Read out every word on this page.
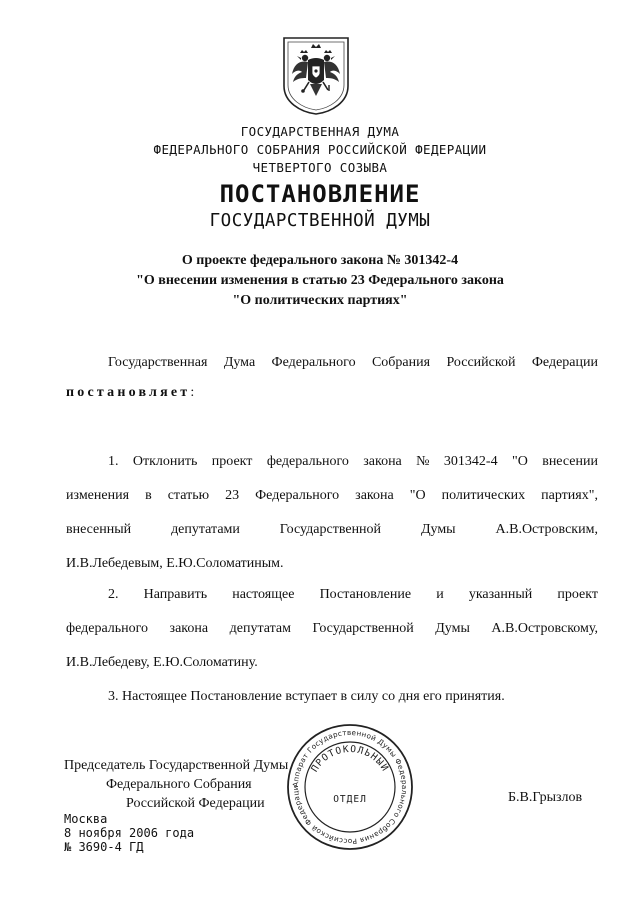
ГОСУДАРСТВЕННАЯ ДУМА
ФЕДЕРАЛЬНОГО СОБРАНИЯ РОССИЙСКОЙ ФЕДЕРАЦИИ
ЧЕТВЕРТОГО СОЗЫВА
ПОСТАНОВЛЕНИЕ
ГОСУДАРСТВЕННОЙ ДУМЫ
О проекте федерального закона № 301342-4
"О внесении изменения в статью 23 Федерального закона
"О политических партиях"
Государственная Дума Федерального Собрания Российской Федерации
постановляет:
1. Отклонить проект федерального закона № 301342-4 "О внесении
изменения в статью 23 Федерального закона "О политических партиях",
внесенный	депутатами	Государственной	Думы	А.В.Островским,
И.В.Лебедевым, Е.Ю.Соломатиным.
2. Направить настоящее Постановление и указанный проект
федерального закона депутатам Государственной Думы А.В.Островскому,
И.В.Лебедеву, Е.Ю.Соломатину.
3. Настоящее Постановление вступает в силу со дня его принятия.
Председатель Государственной Думы
Федерального Собрания
Российской Федерации	Б.В.Грызлов
Москва
8 ноября 2006 года
№ 3690-4 ГД
Аппарат Государственной Думы Федерального Собрания Российской Федераци
ПРОТОКОЛЬНЫЙ
ОТДЕЛ
